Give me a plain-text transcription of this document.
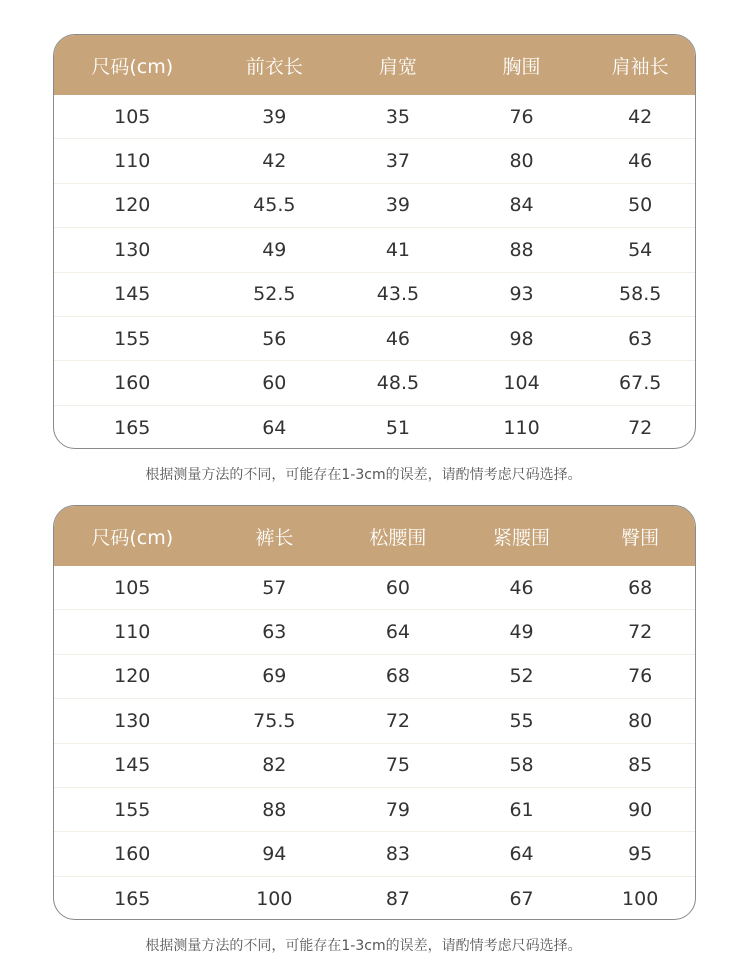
尺码(cm)	前衣长	肩宽	胸围	肩袖长
105	39	35	76	42
110	42	37	80	46
120	45.5	39	84	50
130	49	41	88	54
145	52.5	43.5	93	58.5
155	56	46	98	63
160	60	48.5	104	67.5
165	64	51	110	72
根据测量方法的不同，可能存在1-3cm的误差，请酌情考虑尺码选择。
尺码(cm)	裤长	松腰围	紧腰围	臀围
105	57	60	46	68
110	63	64	49	72
120	69	68	52	76
130	75.5	72	55	80
145	82	75	58	85
155	88	79	61	90
160	94	83	64	95
165	100	87	67	100
根据测量方法的不同，可能存在1-3cm的误差，请酌情考虑尺码选择。
